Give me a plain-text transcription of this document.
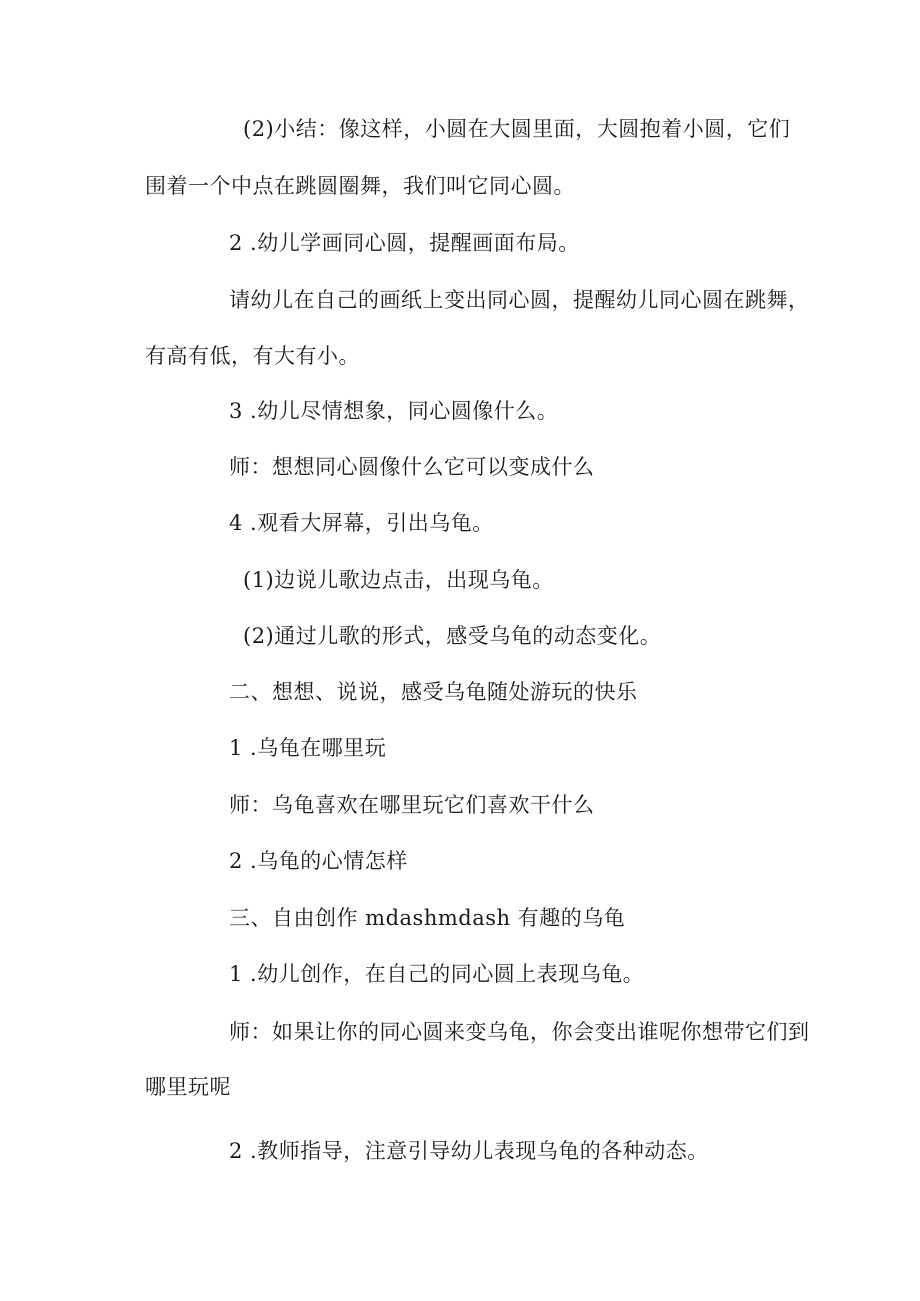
(2)小结：像这样，小圆在大圆里面，大圆抱着小圆，它们
围着一个中点在跳圆圈舞，我们叫它同心圆。
2 .幼儿学画同心圆，提醒画面布局。
请幼儿在自己的画纸上变出同心圆，提醒幼儿同心圆在跳舞，
有高有低，有大有小。
3 .幼儿尽情想象，同心圆像什么。
师：想想同心圆像什么它可以变成什么
4 .观看大屏幕，引出乌龟。
(1)边说儿歌边点击，出现乌龟。
(2)通过儿歌的形式，感受乌龟的动态变化。
二、想想、说说，感受乌龟随处游玩的快乐
1 .乌龟在哪里玩
师：乌龟喜欢在哪里玩它们喜欢干什么
2 .乌龟的心情怎样
三、自由创作 mdashmdash 有趣的乌龟
1 .幼儿创作，在自己的同心圆上表现乌龟。
师：如果让你的同心圆来变乌龟，你会变出谁呢你想带它们到
哪里玩呢
2 .教师指导，注意引导幼儿表现乌龟的各种动态。
